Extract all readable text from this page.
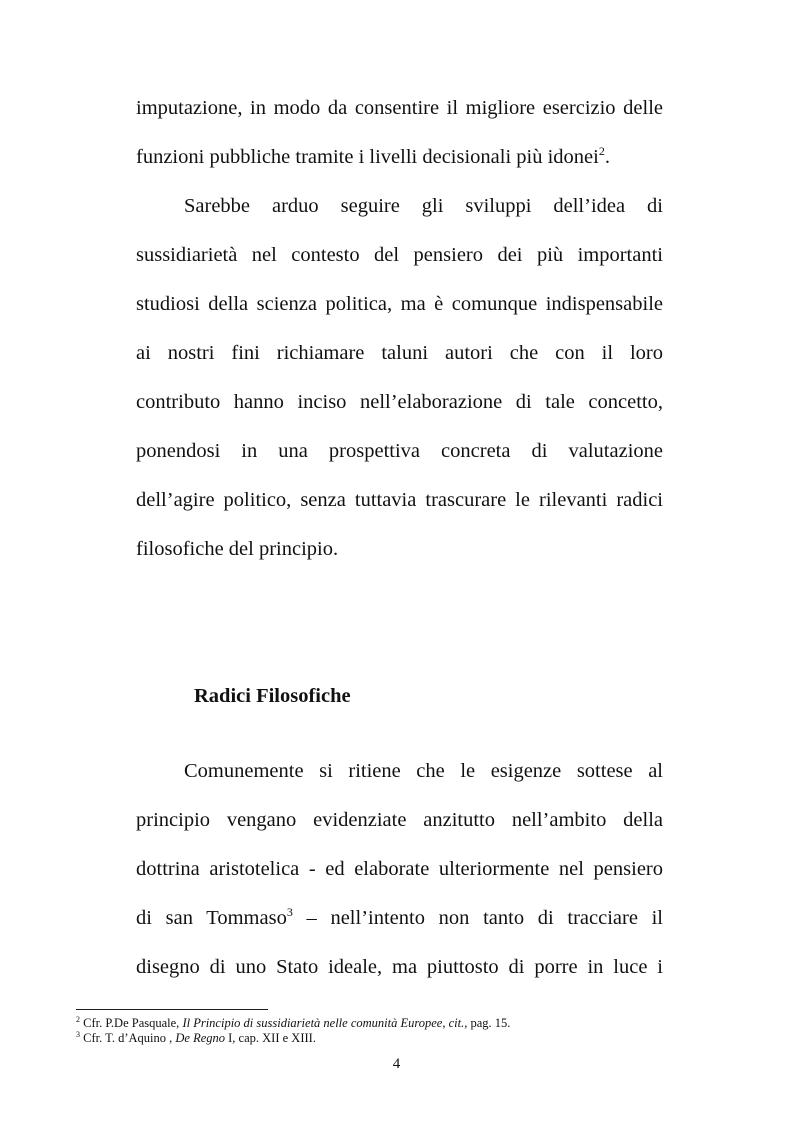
imputazione, in modo da consentire il migliore esercizio delle
funzioni pubbliche tramite i livelli decisionali più idonei$^2$.
Sarebbe arduo seguire gli sviluppi dell’idea di
sussidiarietà nel contesto del pensiero dei più importanti
studiosi della scienza politica, ma è comunque indispensabile
ai nostri fini richiamare taluni autori che con il loro
contributo hanno inciso nell’elaborazione di tale concetto,
ponendosi in una prospettiva concreta di valutazione
dell’agire politico, senza tuttavia trascurare le rilevanti radici
filosofiche del principio.
Radici Filosofiche
Comunemente si ritiene che le esigenze sottese al
principio vengano evidenziate anzitutto nell’ambito della
dottrina aristotelica - ed elaborate ulteriormente nel pensiero
di san Tommaso$^3$ – nell’intento non tanto di tracciare il
disegno di uno Stato ideale, ma piuttosto di porre in luce i
$^2$ Cfr. P.De Pasquale, Il Principio di sussidiarietà nelle comunità Europee, cit., pag. 15.
$^3$ Cfr. T. d’Aquino , De Regno I, cap. XII e XIII.
4
